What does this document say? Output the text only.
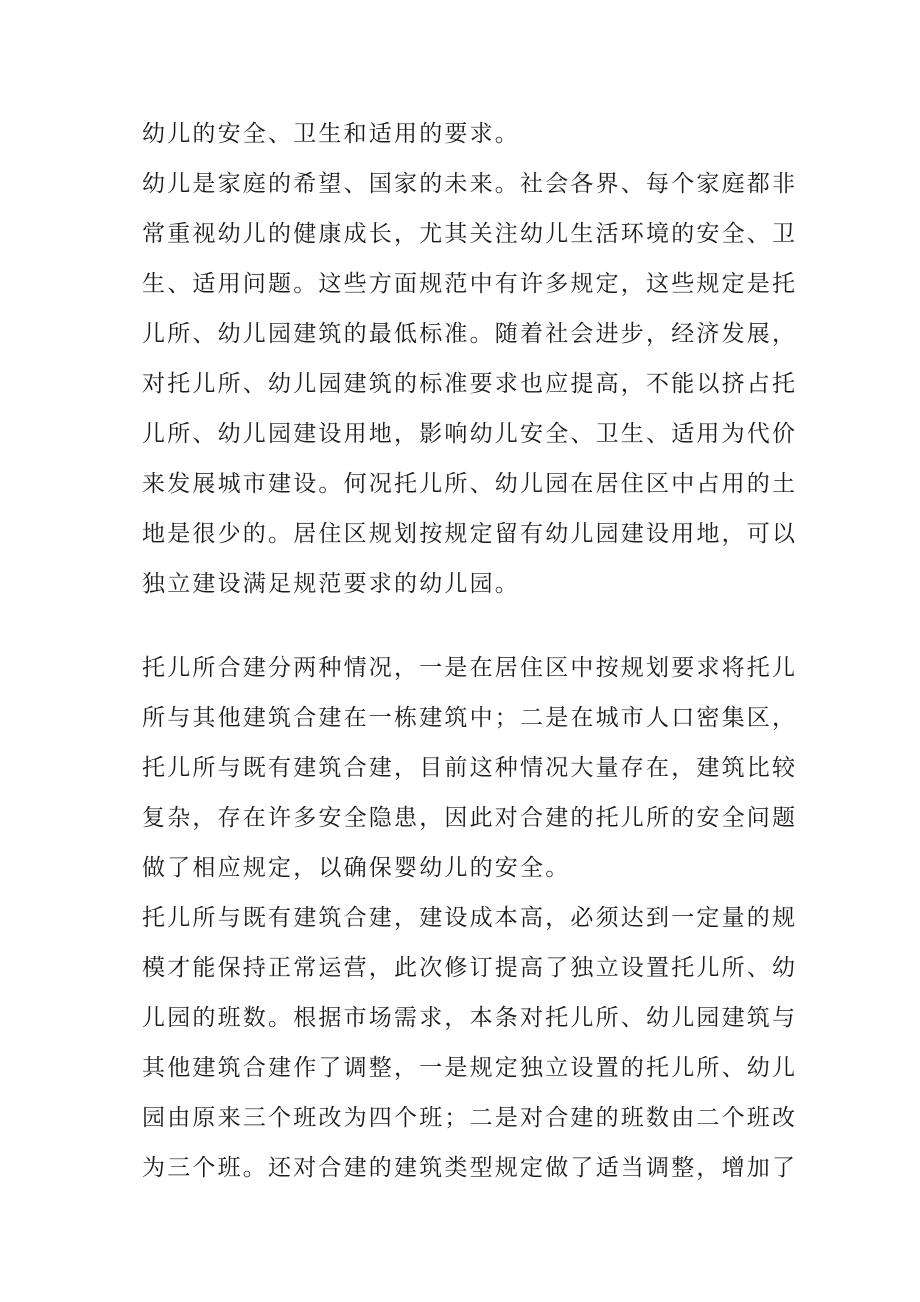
幼儿的安全、卫生和适用的要求。
幼儿是家庭的希望、国家的未来。社会各界、每个家庭都非
常重视幼儿的健康成长，尤其关注幼儿生活环境的安全、卫
生、适用问题。这些方面规范中有许多规定，这些规定是托
儿所、幼儿园建筑的最低标准。随着社会进步，经济发展，
对托儿所、幼儿园建筑的标准要求也应提高，不能以挤占托
儿所、幼儿园建设用地，影响幼儿安全、卫生、适用为代价
来发展城市建设。何况托儿所、幼儿园在居住区中占用的土
地是很少的。居住区规划按规定留有幼儿园建设用地，可以
独立建设满足规范要求的幼儿园。
托儿所合建分两种情况，一是在居住区中按规划要求将托儿
所与其他建筑合建在一栋建筑中；二是在城市人口密集区，
托儿所与既有建筑合建，目前这种情况大量存在，建筑比较
复杂，存在许多安全隐患，因此对合建的托儿所的安全问题
做了相应规定，以确保婴幼儿的安全。
托儿所与既有建筑合建，建设成本高，必须达到一定量的规
模才能保持正常运营，此次修订提高了独立设置托儿所、幼
儿园的班数。根据市场需求，本条对托儿所、幼儿园建筑与
其他建筑合建作了调整，一是规定独立设置的托儿所、幼儿
园由原来三个班改为四个班；二是对合建的班数由二个班改
为三个班。还对合建的建筑类型规定做了适当调整，增加了
